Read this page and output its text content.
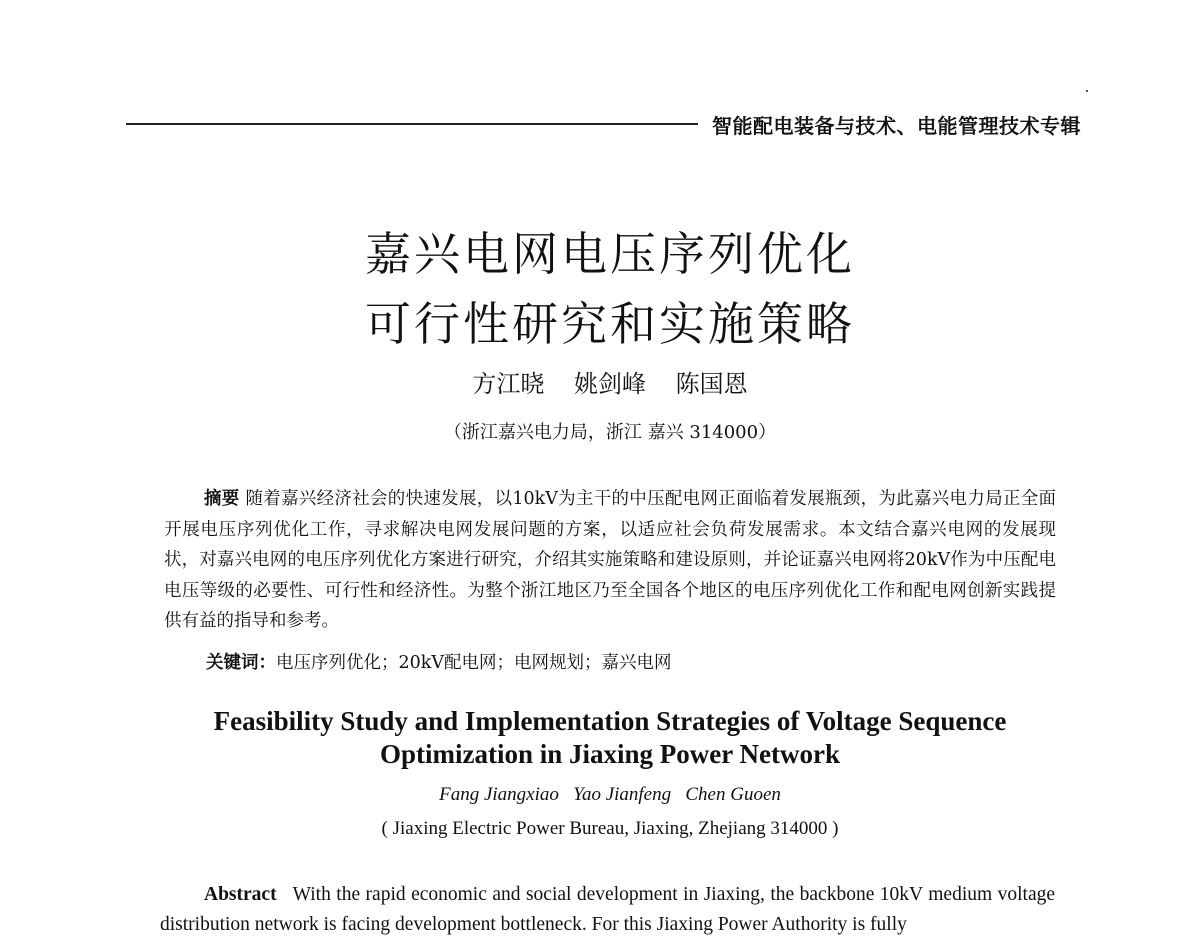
智能配电装备与技术、电能管理技术专辑
嘉兴电网电压序列优化
可行性研究和实施策略
方江晓 姚剑峰 陈国恩
（浙江嘉兴电力局，浙江 嘉兴 314000）

摘要 随着嘉兴经济社会的快速发展，以10kV为主干的中压配电网正面临着发展瓶颈，为此嘉兴电力局正全面开展电压序列优化工作，寻求解决电网发展问题的方案，以适应社会负荷发展需求。本文结合嘉兴电网的发展现状，对嘉兴电网的电压序列优化方案进行研究，介绍其实施策略和建设原则，并论证嘉兴电网将20kV作为中压配电电压等级的必要性、可行性和经济性。为整个浙江地区乃至全国各个地区的电压序列优化工作和配电网创新实践提供有益的指导和参考。

关键词：电压序列优化；20kV配电网；电网规划；嘉兴电网
Feasibility Study and Implementation Strategies of Voltage Sequence
Optimization in Jiaxing Power Network
Fang Jiangxiao   Yao Jianfeng   Chen Guoen
( Jiaxing Electric Power Bureau, Jiaxing, Zhejiang 314000 )

Abstract With the rapid economic and social development in Jiaxing, the backbone 10kV medium voltage distribution network is facing development bottleneck. For this Jiaxing Power Authority is fully
